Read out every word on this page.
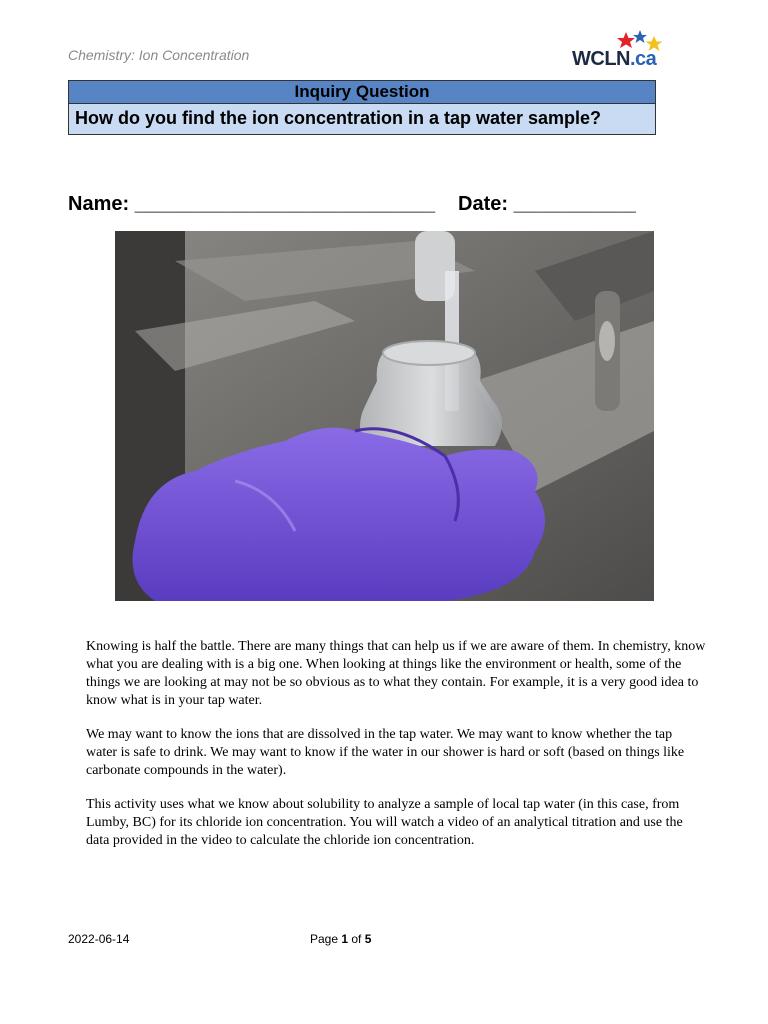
Chemistry: Ion Concentration	WCLN.ca
Inquiry Question
How do you find the ion concentration in a tap water sample?
Name: ___________________________ Date: ___________

Knowing is half the battle. There are many things that can help us if we are aware of them. In chemistry, know what you are dealing with is a big one. When looking at things like the environment or health, some of the things we are looking at may not be so obvious as to what they contain. For example, it is a very good idea to know what is in your tap water.

We may want to know the ions that are dissolved in the tap water. We may want to know whether the tap water is safe to drink. We may want to know if the water in our shower is hard or soft (based on things like carbonate compounds in the water).

This activity uses what we know about solubility to analyze a sample of local tap water (in this case, from Lumby, BC) for its chloride ion concentration. You will watch a video of an analytical titration and use the data provided in the video to calculate the chloride ion concentration.

2022-06-14	Page 1 of 5
